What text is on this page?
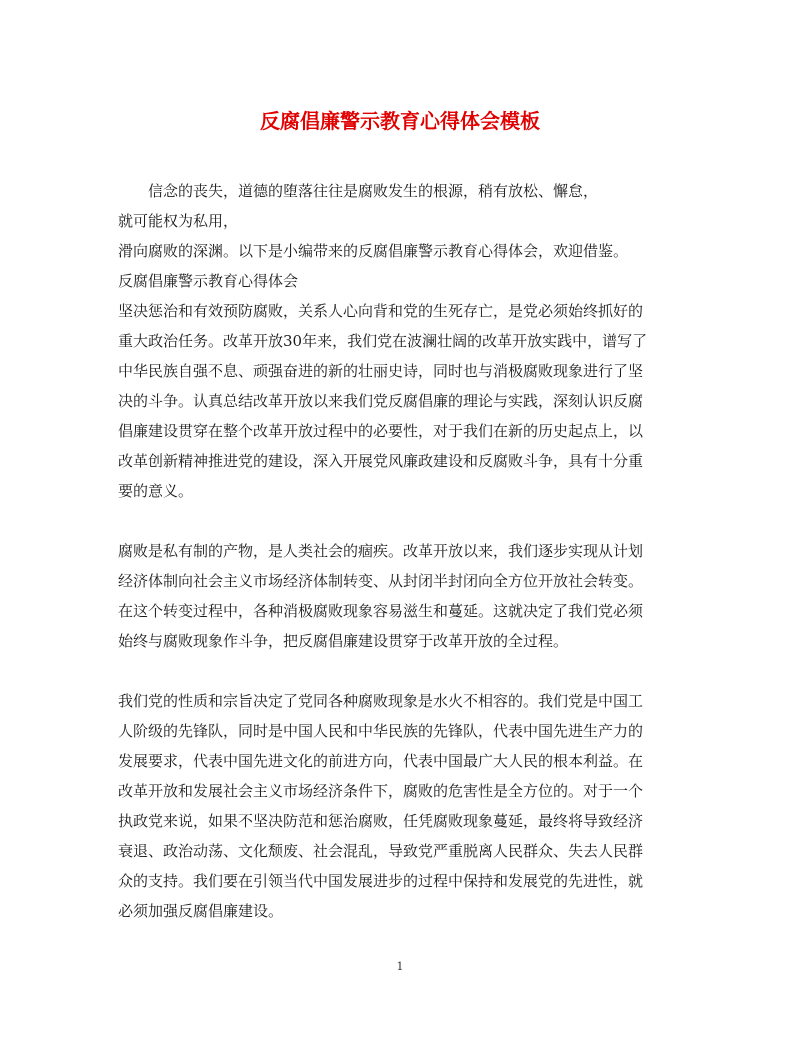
反腐倡廉警示教育心得体会模板
信念的丧失，道德的堕落往往是腐败发生的根源，稍有放松、懈怠，
就可能权为私用，
滑向腐败的深渊。以下是小编带来的反腐倡廉警示教育心得体会，欢迎借鉴。
反腐倡廉警示教育心得体会
坚决惩治和有效预防腐败，关系人心向背和党的生死存亡，是党必须始终抓好的
重大政治任务。改革开放30年来，我们党在波澜壮阔的改革开放实践中，谱写了
中华民族自强不息、顽强奋进的新的壮丽史诗，同时也与消极腐败现象进行了坚
决的斗争。认真总结改革开放以来我们党反腐倡廉的理论与实践，深刻认识反腐
倡廉建设贯穿在整个改革开放过程中的必要性，对于我们在新的历史起点上，以
改革创新精神推进党的建设，深入开展党风廉政建设和反腐败斗争，具有十分重
要的意义。
腐败是私有制的产物，是人类社会的痼疾。改革开放以来，我们逐步实现从计划
经济体制向社会主义市场经济体制转变、从封闭半封闭向全方位开放社会转变。
在这个转变过程中，各种消极腐败现象容易滋生和蔓延。这就决定了我们党必须
始终与腐败现象作斗争，把反腐倡廉建设贯穿于改革开放的全过程。
我们党的性质和宗旨决定了党同各种腐败现象是水火不相容的。我们党是中国工
人阶级的先锋队，同时是中国人民和中华民族的先锋队，代表中国先进生产力的
发展要求，代表中国先进文化的前进方向，代表中国最广大人民的根本利益。在
改革开放和发展社会主义市场经济条件下，腐败的危害性是全方位的。对于一个
执政党来说，如果不坚决防范和惩治腐败，任凭腐败现象蔓延，最终将导致经济
衰退、政治动荡、文化颓废、社会混乱，导致党严重脱离人民群众、失去人民群
众的支持。我们要在引领当代中国发展进步的过程中保持和发展党的先进性，就
必须加强反腐倡廉建设。
1
